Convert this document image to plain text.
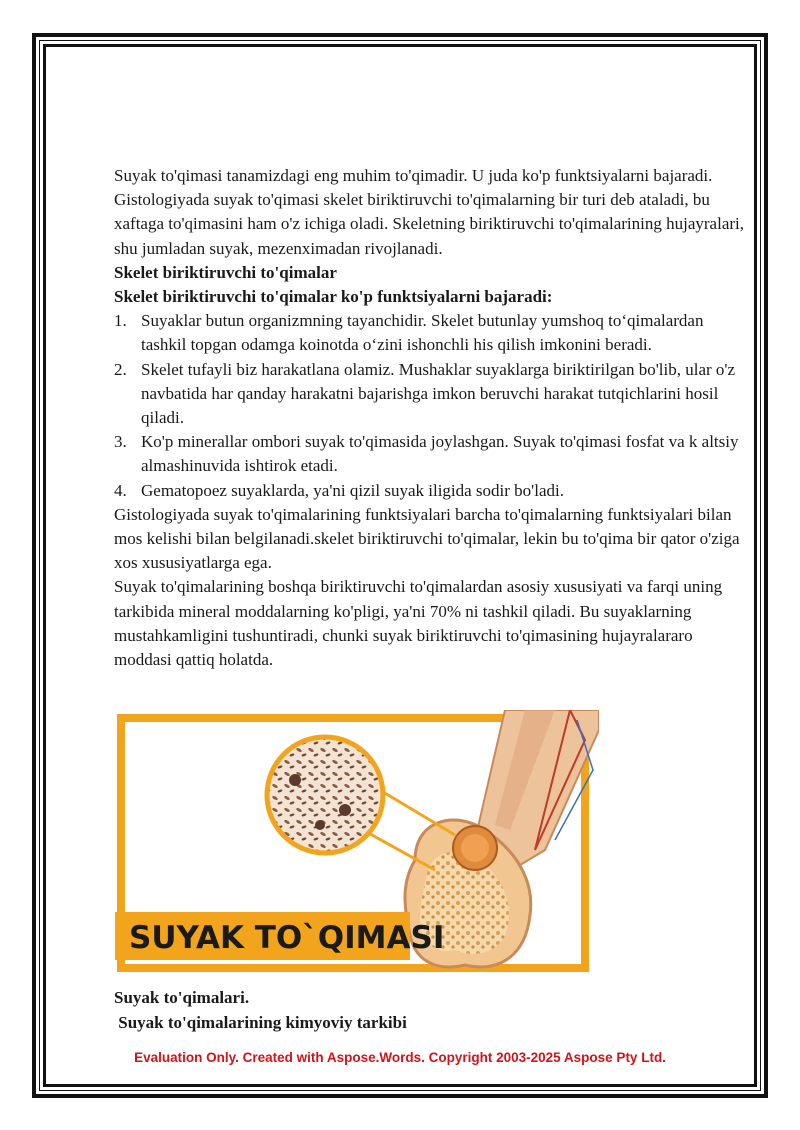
Suyak to'qimasi tanamizdagi eng muhim to'qimadir. U juda ko'p funktsiyalarni bajaradi. Gistologiyada suyak to'qimasi skelet biriktiruvchi to'qimalarning bir turi deb ataladi, bu xaftaga to'qimasini ham o'z ichiga oladi. Skeletning biriktiruvchi to'qimalarining hujayralari, shu jumladan suyak, mezenximadan rivojlanadi.

Skelet biriktiruvchi to'qimalar

Skelet biriktiruvchi to'qimalar ko'p funktsiyalarni bajaradi:

1. Suyaklar butun organizmning tayanchidir. Skelet butunlay yumshoq to‘qimalardan tashkil topgan odamga koinotda o‘zini ishonchli his qilish imkonini beradi.
2. Skelet tufayli biz harakatlana olamiz. Mushaklar suyaklarga biriktirilgan bo'lib, ular o'z navbatida har qanday harakatni bajarishga imkon beruvchi harakat tutqichlarini hosil qiladi.
3. Ko'p minerallar ombori suyak to'qimasida joylashgan. Suyak to'qimasi fosfat va k altsiy almashinuvida ishtirok etadi.
4. Gematopoez suyaklarda, ya'ni qizil suyak iligida sodir bo'ladi.

Gistologiyada suyak to'qimalarining funktsiyalari barcha to'qimalarning funktsiyalari bilan mos kelishi bilan belgilanadi.skelet biriktiruvchi to'qimalar, lekin bu to'qima bir qator o'ziga xos xususiyatlarga ega.

Suyak to'qimalarining boshqa biriktiruvchi to'qimalardan asosiy xususiyati va farqi uning tarkibida mineral moddalarning ko'pligi, ya'ni 70% ni tashkil qiladi. Bu suyaklarning mustahkamligini tushuntiradi, chunki suyak biriktiruvchi to'qimasining hujayralararo moddasi qattiq holatda.

SUYAK TO`QIMASI
Suyak to'qimalari.
Suyak to'qimalarining kimyoviy tarkibi
Evaluation Only. Created with Aspose.Words. Copyright 2003-2025 Aspose Pty Ltd.
